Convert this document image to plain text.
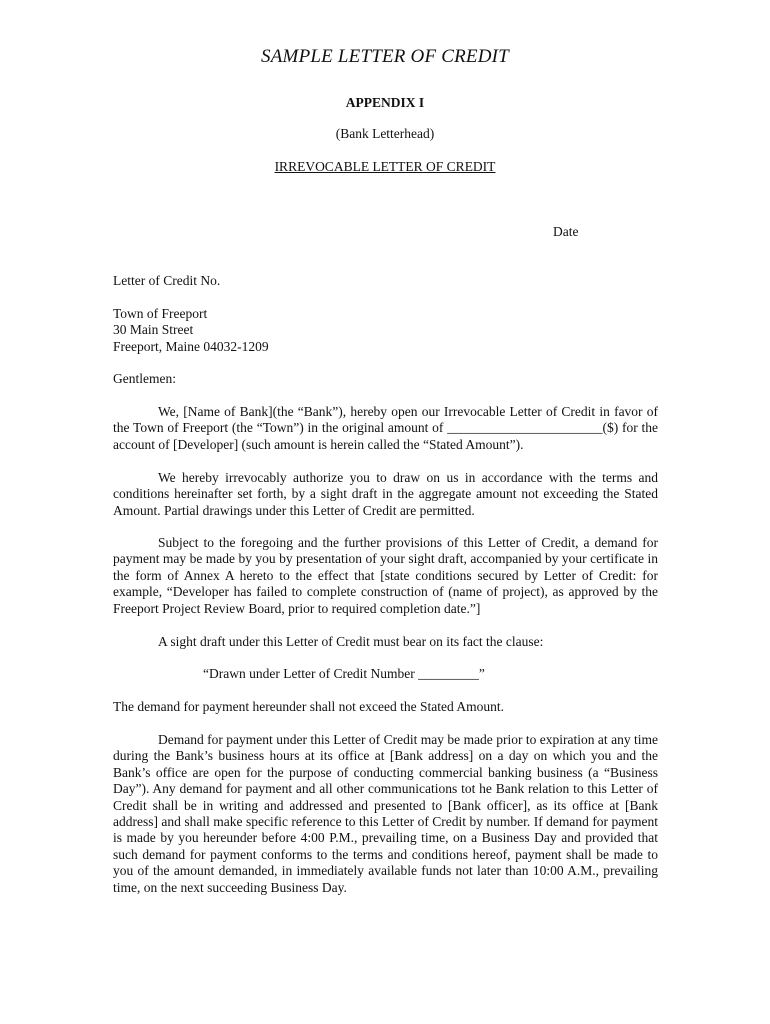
SAMPLE LETTER OF CREDIT
APPENDIX I
(Bank Letterhead)
IRREVOCABLE LETTER OF CREDIT
Date
Letter of Credit No.
Town of Freeport
30 Main Street
Freeport, Maine 04032-1209
Gentlemen:
We, [Name of Bank](the “Bank”), hereby open our Irrevocable Letter of Credit in favor of the Town of Freeport (the “Town”) in the original amount of _______________________($) for the account of [Developer] (such amount is herein called the “Stated Amount”).
We hereby irrevocably authorize you to draw on us in accordance with the terms and conditions hereinafter set forth, by a sight draft in the aggregate amount not exceeding the Stated Amount. Partial drawings under this Letter of Credit are permitted.
Subject to the foregoing and the further provisions of this Letter of Credit, a demand for payment may be made by you by presentation of your sight draft, accompanied by your certificate in the form of Annex A hereto to the effect that [state conditions secured by Letter of Credit: for example, “Developer has failed to complete construction of (name of project), as approved by the Freeport Project Review Board, prior to required completion date.”]
A sight draft under this Letter of Credit must bear on its fact the clause:
“Drawn under Letter of Credit Number _________”
The demand for payment hereunder shall not exceed the Stated Amount.
Demand for payment under this Letter of Credit may be made prior to expiration at any time during the Bank’s business hours at its office at [Bank address] on a day on which you and the Bank’s office are open for the purpose of conducting commercial banking business (a “Business Day”). Any demand for payment and all other communications tot he Bank relation to this Letter of Credit shall be in writing and addressed and presented to [Bank officer], as its office at [Bank address] and shall make specific reference to this Letter of Credit by number. If demand for payment is made by you hereunder before 4:00 P.M., prevailing time, on a Business Day and provided that such demand for payment conforms to the terms and conditions hereof, payment shall be made to you of the amount demanded, in immediately available funds not later than 10:00 A.M., prevailing time, on the next succeeding Business Day.
